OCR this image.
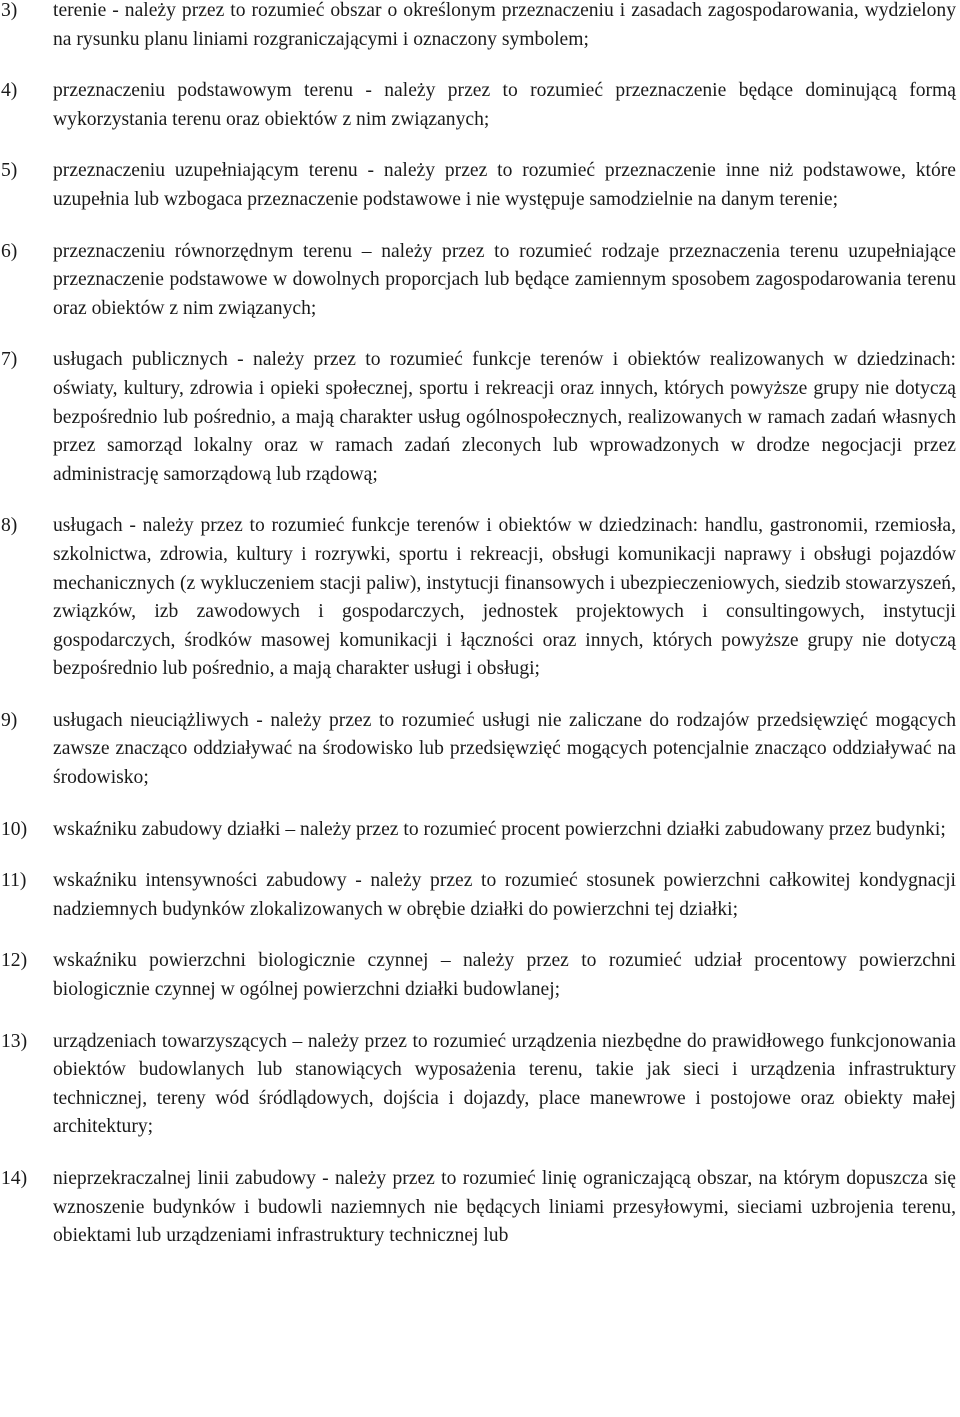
3) terenie - należy przez to rozumieć obszar o określonym przeznaczeniu i zasadach zagospodarowania, wydzielony na rysunku planu liniami rozgraniczającymi i oznaczony symbolem;
4) przeznaczeniu podstawowym terenu - należy przez to rozumieć przeznaczenie będące dominującą formą wykorzystania terenu oraz obiektów z nim związanych;
5) przeznaczeniu uzupełniającym terenu - należy przez to rozumieć przeznaczenie inne niż podstawowe, które uzupełnia lub wzbogaca przeznaczenie podstawowe i nie występuje samodzielnie na danym terenie;
6) przeznaczeniu równorzędnym terenu – należy przez to rozumieć rodzaje przeznaczenia terenu uzupełniające przeznaczenie podstawowe w dowolnych proporcjach lub będące zamiennym sposobem zagospodarowania terenu oraz obiektów z nim związanych;
7) usługach publicznych - należy przez to rozumieć funkcje terenów i obiektów realizowanych w dziedzinach: oświaty, kultury, zdrowia i opieki społecznej, sportu i rekreacji oraz innych, których powyższe grupy nie dotyczą bezpośrednio lub pośrednio, a mają charakter usług ogólnospołecznych, realizowanych w ramach zadań własnych przez samorząd lokalny oraz w ramach zadań zleconych lub wprowadzonych w drodze negocjacji przez administrację samorządową lub rządową;
8) usługach - należy przez to rozumieć funkcje terenów i obiektów w dziedzinach: handlu, gastronomii, rzemiosła, szkolnictwa, zdrowia, kultury i rozrywki, sportu i rekreacji, obsługi komunikacji naprawy i obsługi pojazdów mechanicznych (z wykluczeniem stacji paliw), instytucji finansowych i ubezpieczeniowych, siedzib stowarzyszeń, związków, izb zawodowych i gospodarczych, jednostek projektowych i consultingowych, instytucji gospodarczych, środków masowej komunikacji i łączności oraz innych, których powyższe grupy nie dotyczą bezpośrednio lub pośrednio, a mają charakter usługi i obsługi;
9) usługach nieuciążliwych - należy przez to rozumieć usługi nie zaliczane do rodzajów przedsięwzięć mogących zawsze znacząco oddziaływać na środowisko lub przedsięwzięć mogących potencjalnie znacząco oddziaływać na środowisko;
10) wskaźniku zabudowy działki – należy przez to rozumieć procent powierzchni działki zabudowany przez budynki;
11) wskaźniku intensywności zabudowy - należy przez to rozumieć stosunek powierzchni całkowitej kondygnacji nadziemnych budynków zlokalizowanych w obrębie działki do powierzchni tej działki;
12) wskaźniku powierzchni biologicznie czynnej – należy przez to rozumieć udział procentowy powierzchni biologicznie czynnej w ogólnej powierzchni działki budowlanej;
13) urządzeniach towarzyszących – należy przez to rozumieć urządzenia niezbędne do prawidłowego funkcjonowania obiektów budowlanych lub stanowiących wyposażenia terenu, takie jak sieci i urządzenia infrastruktury technicznej, tereny wód śródlądowych, dojścia i dojazdy, place manewrowe i postojowe oraz obiekty małej architektury;
14) nieprzekraczalnej linii zabudowy - należy przez to rozumieć linię ograniczającą obszar, na którym dopuszcza się wznoszenie budynków i budowli naziemnych nie będących liniami przesyłowymi, sieciami uzbrojenia terenu, obiektami lub urządzeniami infrastruktury technicznej lub
